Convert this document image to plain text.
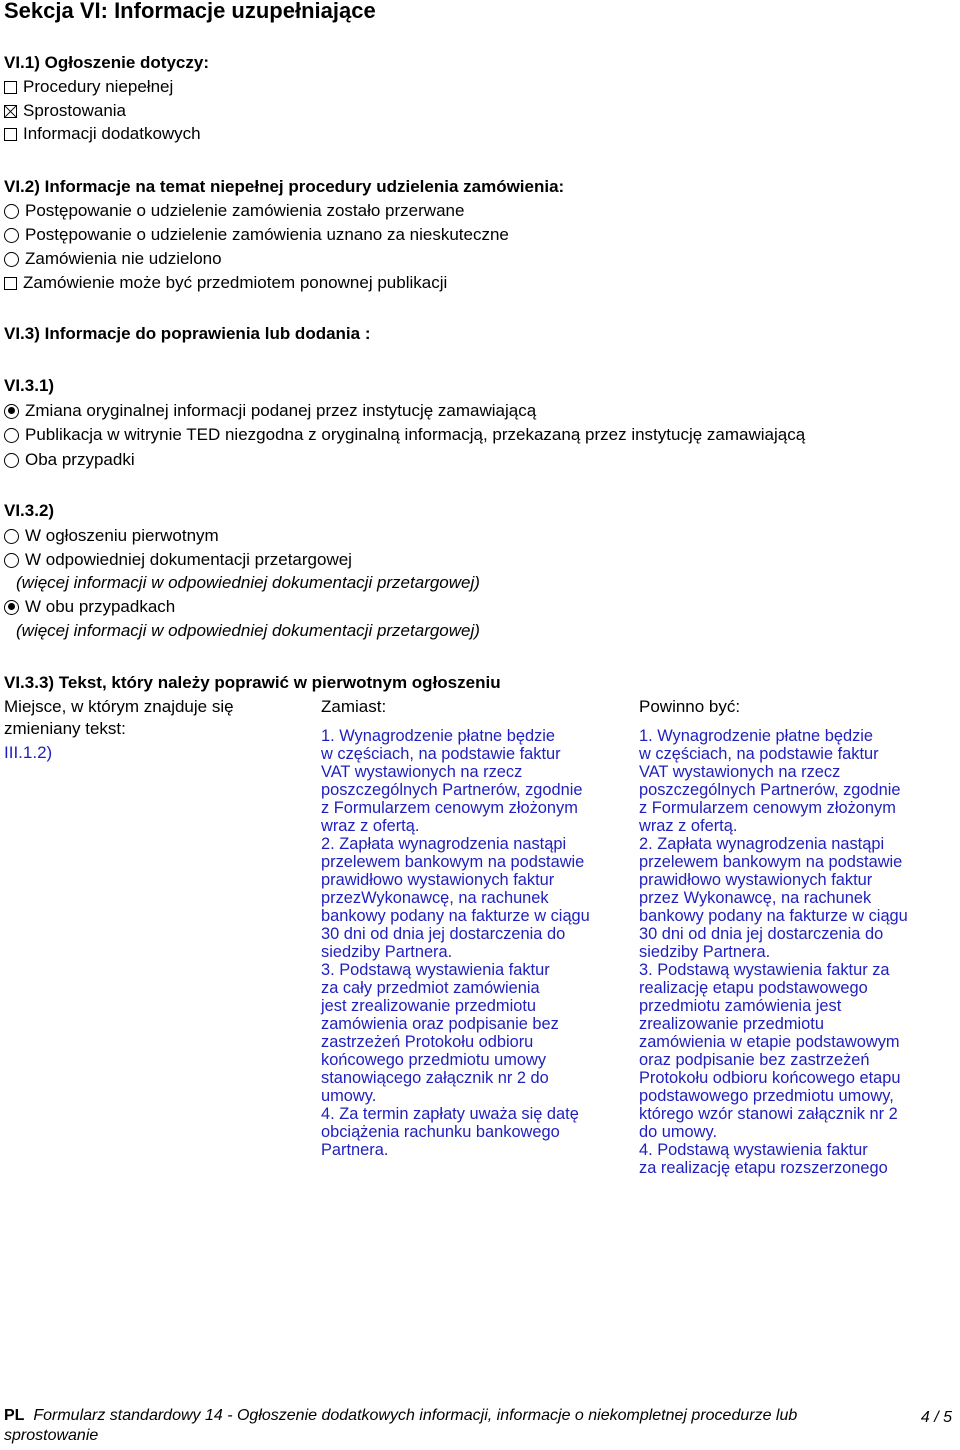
Sekcja VI: Informacje uzupełniające
VI.1) Ogłoszenie dotyczy:
Procedury niepełnej
Sprostowania
Informacji dodatkowych
VI.2) Informacje na temat niepełnej procedury udzielenia zamówienia:
Postępowanie o udzielenie zamówienia zostało przerwane
Postępowanie o udzielenie zamówienia uznano za nieskuteczne
Zamówienia nie udzielono
Zamówienie może być przedmiotem ponownej publikacji
VI.3) Informacje do poprawienia lub dodania :
VI.3.1)
Zmiana oryginalnej informacji podanej przez instytucję zamawiającą
Publikacja w witrynie TED niezgodna z oryginalną informacją, przekazaną przez instytucję zamawiającą
Oba przypadki
VI.3.2)
W ogłoszeniu pierwotnym
W odpowiedniej dokumentacji przetargowej
(więcej informacji w odpowiedniej dokumentacji przetargowej)
W obu przypadkach
(więcej informacji w odpowiedniej dokumentacji przetargowej)
VI.3.3) Tekst, który należy poprawić w pierwotnym ogłoszeniu
Miejsce, w którym znajduje się
zmieniany tekst:
III.1.2)
Zamiast:	Powinno być:
1. Wynagrodzenie płatne będzie
w częściach, na podstawie faktur
VAT wystawionych na rzecz
poszczególnych Partnerów, zgodnie
z Formularzem cenowym złożonym
wraz z ofertą.
2. Zapłata wynagrodzenia nastąpi
przelewem bankowym na podstawie
prawidłowo wystawionych faktur
przezWykonawcę, na rachunek
bankowy podany na fakturze w ciągu
30 dni od dnia jej dostarczenia do
siedziby Partnera.
3. Podstawą wystawienia faktur
za cały przedmiot zamówienia
jest zrealizowanie przedmiotu
zamówienia oraz podpisanie bez
zastrzeżeń Protokołu odbioru
końcowego przedmiotu umowy
stanowiącego załącznik nr 2 do
umowy.
4. Za termin zapłaty uważa się datę
obciążenia rachunku bankowego
Partnera.
1. Wynagrodzenie płatne będzie
w częściach, na podstawie faktur
VAT wystawionych na rzecz
poszczególnych Partnerów, zgodnie
z Formularzem cenowym złożonym
wraz z ofertą.
2. Zapłata wynagrodzenia nastąpi
przelewem bankowym na podstawie
prawidłowo wystawionych faktur
przez Wykonawcę, na rachunek
bankowy podany na fakturze w ciągu
30 dni od dnia jej dostarczenia do
siedziby Partnera.
3. Podstawą wystawienia faktur za
realizację etapu podstawowego
przedmiotu zamówienia jest
zrealizowanie przedmiotu
zamówienia w etapie podstawowym
oraz podpisanie bez zastrzeżeń
Protokołu odbioru końcowego etapu
podstawowego przedmiotu umowy,
którego wzór stanowi załącznik nr 2
do umowy.
4. Podstawą wystawienia faktur
za realizację etapu rozszerzonego
PL Formularz standardowy 14 - Ogłoszenie dodatkowych informacji, informacje o niekompletnej procedurze lub
sprostowanie
4 / 5
